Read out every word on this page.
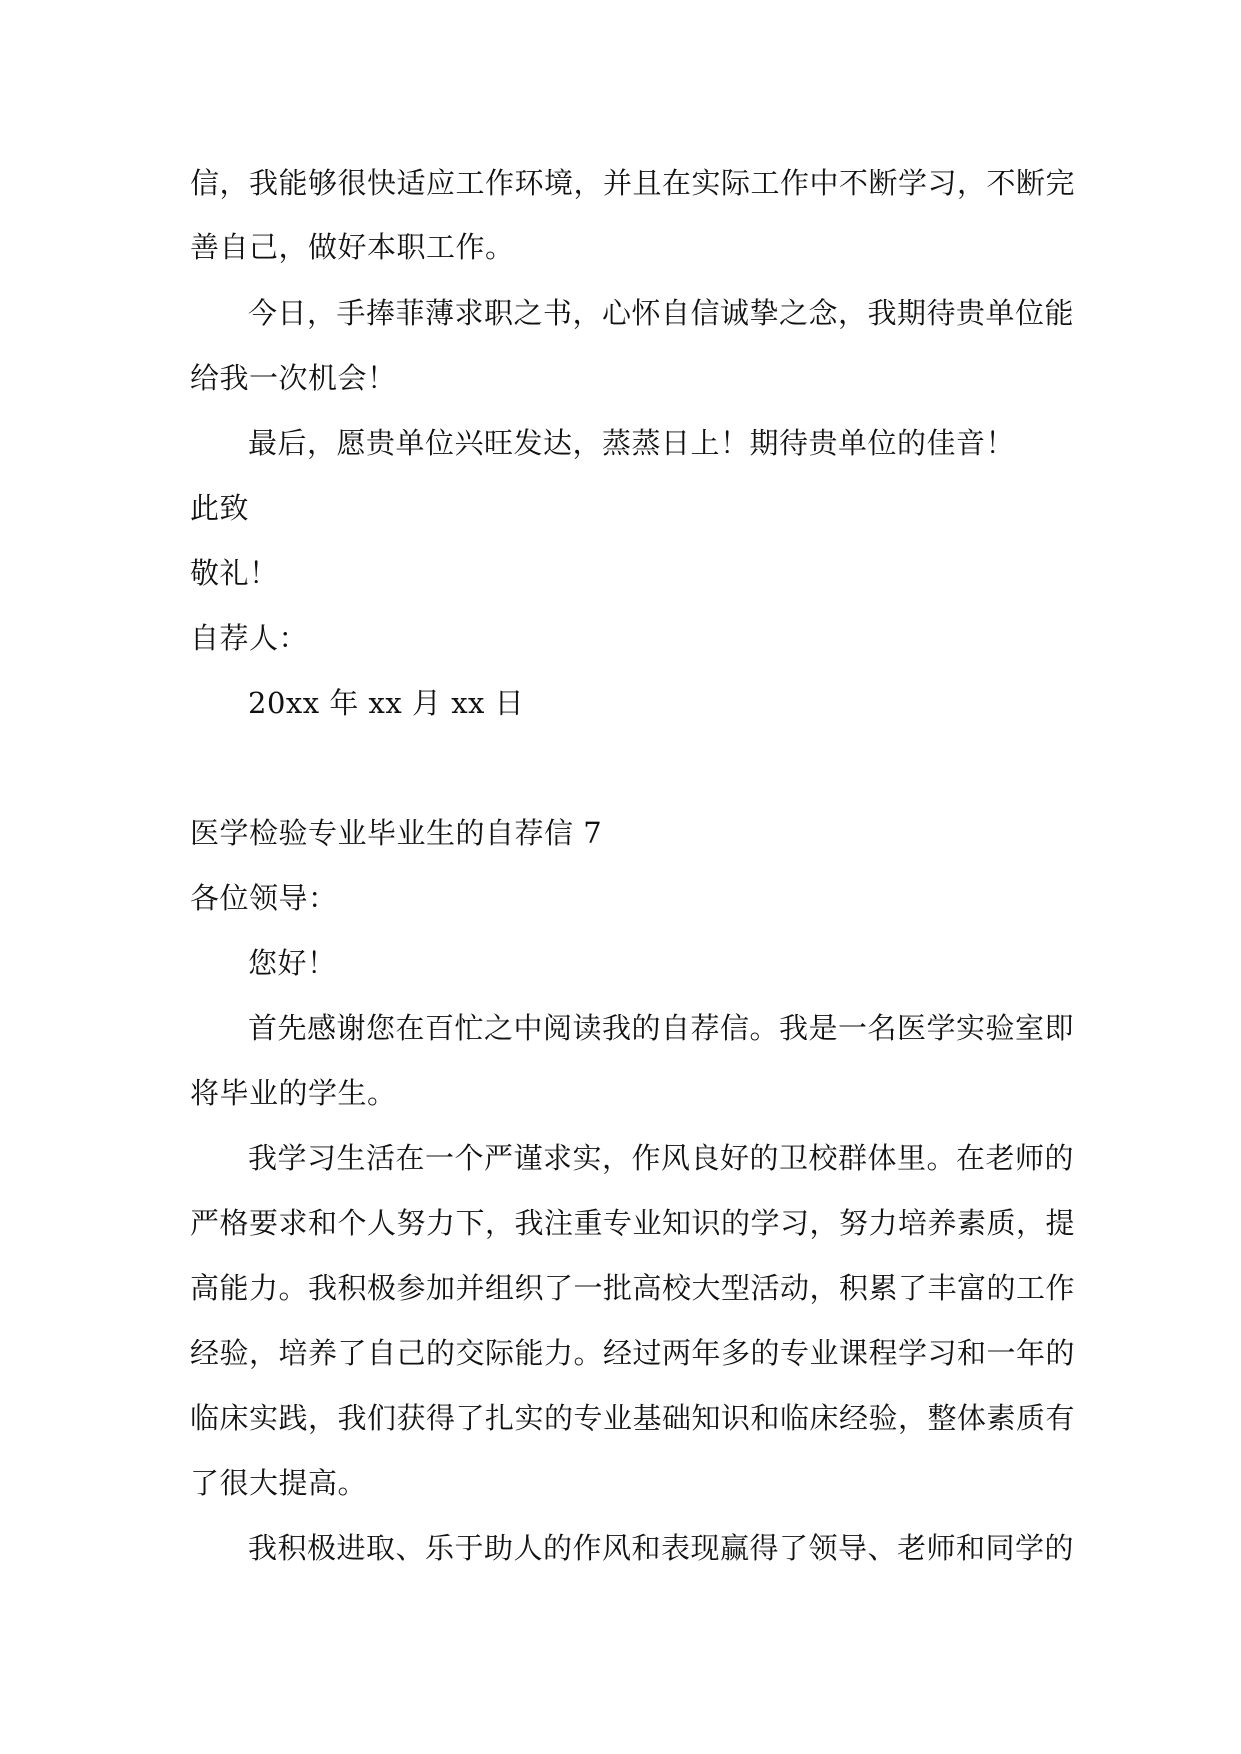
信，我能够很快适应工作环境，并且在实际工作中不断学习，不断完
善自己，做好本职工作。
今日，手捧菲薄求职之书，心怀自信诚挚之念，我期待贵单位能
给我一次机会！
最后，愿贵单位兴旺发达，蒸蒸日上！期待贵单位的佳音！
此致
敬礼！
自荐人：
20xx 年 xx 月 xx 日
医学检验专业毕业生的自荐信 7
各位领导：
您好！
首先感谢您在百忙之中阅读我的自荐信。我是一名医学实验室即
将毕业的学生。
我学习生活在一个严谨求实，作风良好的卫校群体里。在老师的
严格要求和个人努力下，我注重专业知识的学习，努力培养素质，提
高能力。我积极参加并组织了一批高校大型活动，积累了丰富的工作
经验，培养了自己的交际能力。经过两年多的专业课程学习和一年的
临床实践，我们获得了扎实的专业基础知识和临床经验，整体素质有
了很大提高。
我积极进取、乐于助人的作风和表现赢得了领导、老师和同学的
